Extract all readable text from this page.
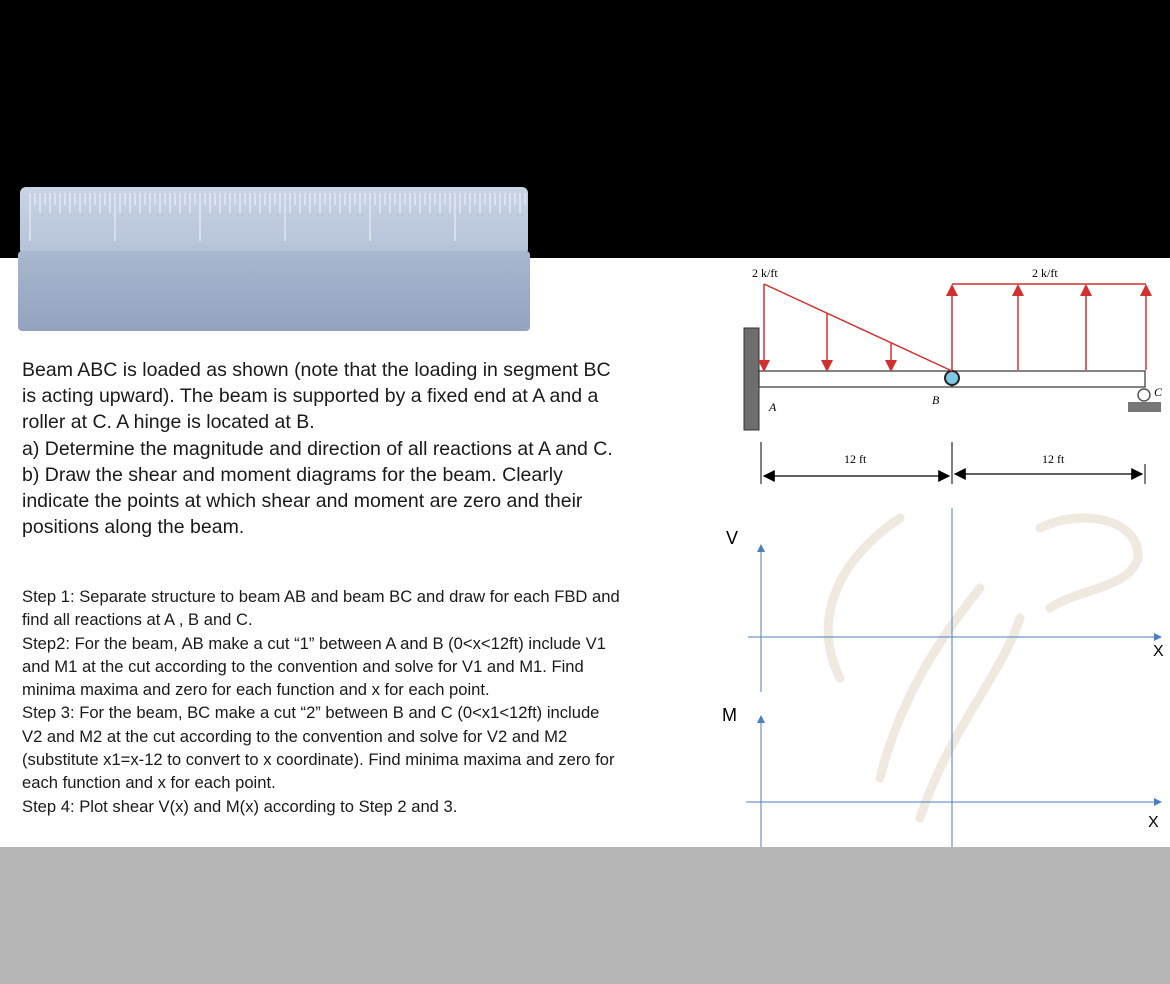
Beam ABC is loaded as shown (note that the loading in segment BC is acting upward). The beam is supported by a fixed end at A and a roller at C. A hinge is located at B.

a) Determine the magnitude and direction of all reactions at A and C.

b) Draw the shear and moment diagrams for the beam. Clearly indicate the points at which shear and moment are zero and their positions along the beam.

Step 1: Separate structure to beam AB and beam BC and draw for each FBD and find all reactions at A , B and C.

Step2: For the beam, AB make a cut “1” between A and B (0<x<12ft) include V1 and M1 at the cut according to the convention and solve for V1 and M1. Find minima maxima and zero for each function and x for each point.

Step 3: For the beam, BC make a cut “2” between B and C (0<x1<12ft) include V2 and M2 at the cut according to the convention and solve for V2 and M2 (substitute x1=x-12 to convert to x coordinate). Find minima maxima and zero for each function and x for each point.

Step 4: Plot shear V(x) and M(x) according to Step 2 and 3.

2 k/ft	2 k/ft
A	B
C
12 ft	12 ft
V
X
M
X
